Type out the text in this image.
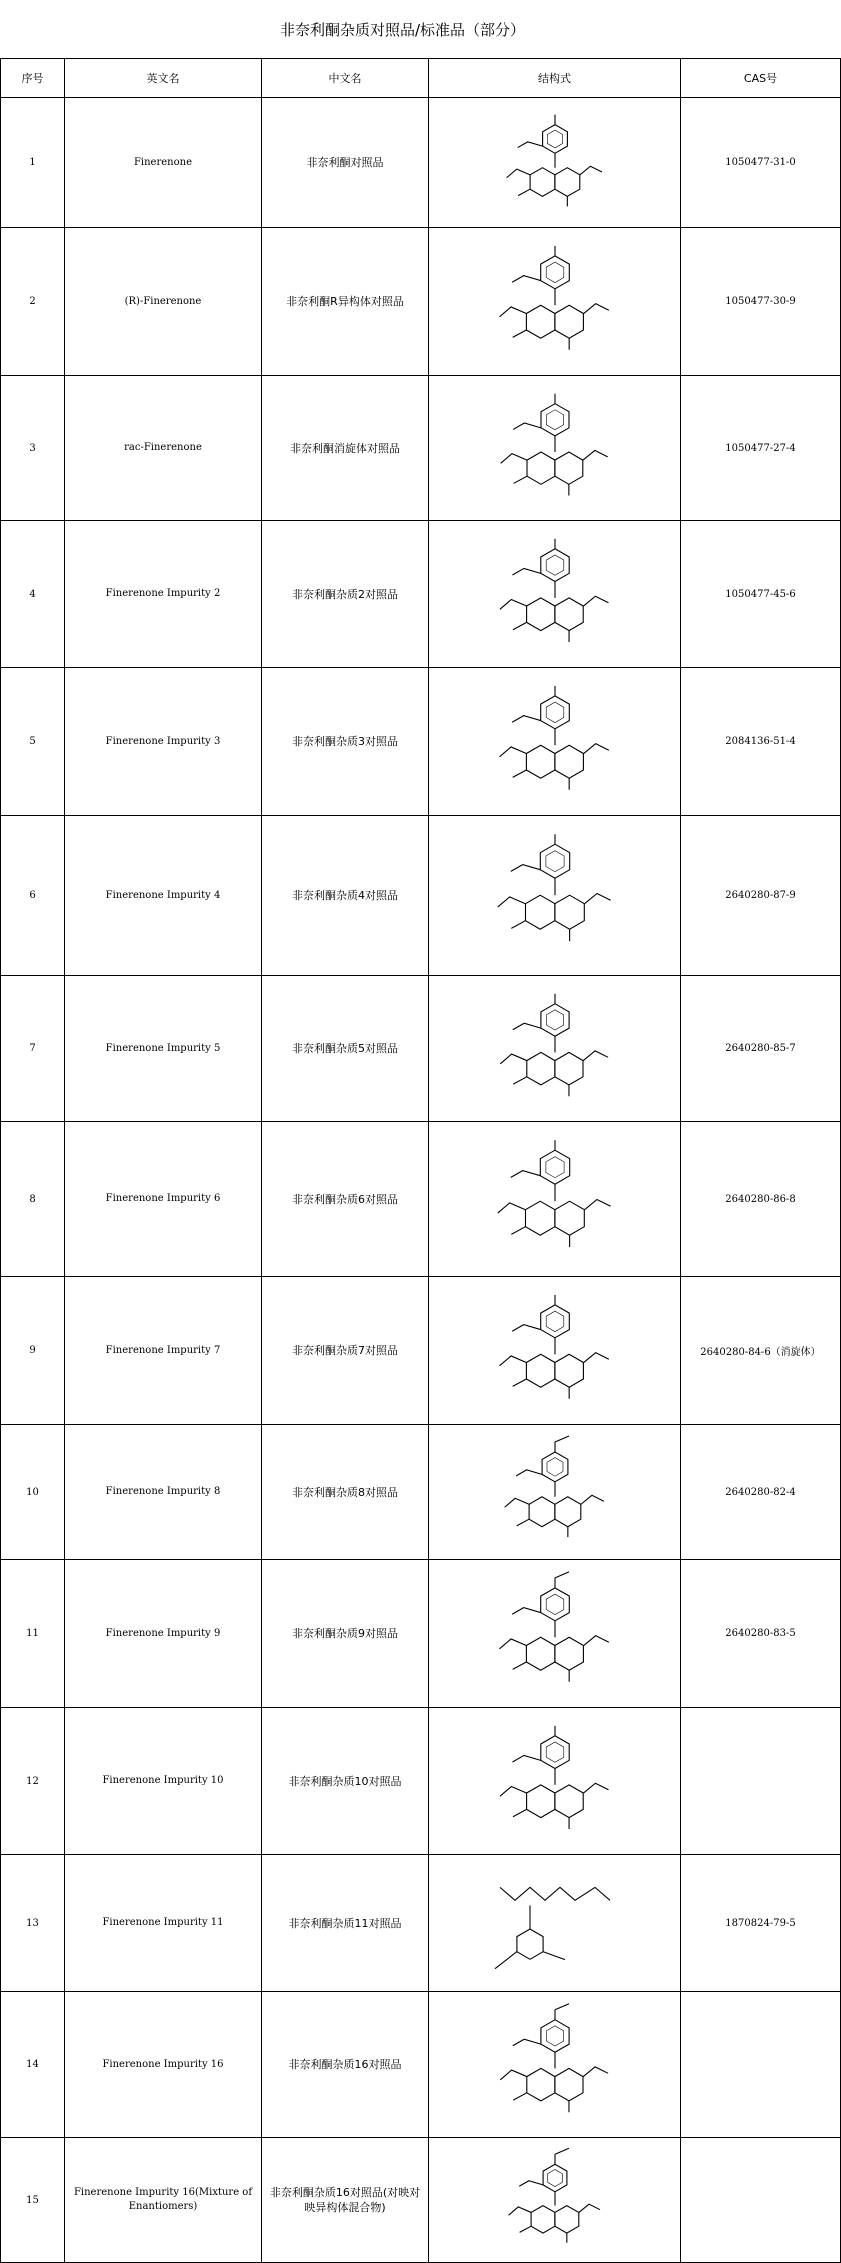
非奈利酮杂质对照品/标准品（部分）
序号	英文名	中文名	结构式	CAS号
1	Finerenone	非奈利酮对照品		1050477-31-0
2	(R)-Finerenone	非奈利酮R异构体对照品		1050477-30-9
3	rac-Finerenone	非奈利酮消旋体对照品		1050477-27-4
4	Finerenone Impurity 2	非奈利酮杂质2对照品		1050477-45-6
5	Finerenone Impurity 3	非奈利酮杂质3对照品		2084136-51-4
6	Finerenone Impurity 4	非奈利酮杂质4对照品		2640280-87-9
7	Finerenone Impurity 5	非奈利酮杂质5对照品		2640280-85-7
8	Finerenone Impurity 6	非奈利酮杂质6对照品		2640280-86-8
9	Finerenone Impurity 7	非奈利酮杂质7对照品		2640280-84-6（消旋体）
10	Finerenone Impurity 8	非奈利酮杂质8对照品		2640280-82-4
11	Finerenone Impurity 9	非奈利酮杂质9对照品		2640280-83-5
12	Finerenone Impurity 10	非奈利酮杂质10对照品	

13	Finerenone Impurity 11	非奈利酮杂质11对照品		1870824-79-5
14	Finerenone Impurity 16	非奈利酮杂质16对照品	

15	Finerenone Impurity 16(Mixture of Enantiomers)	非奈利酮杂质16对照品(对映对映异构体混合物)	
